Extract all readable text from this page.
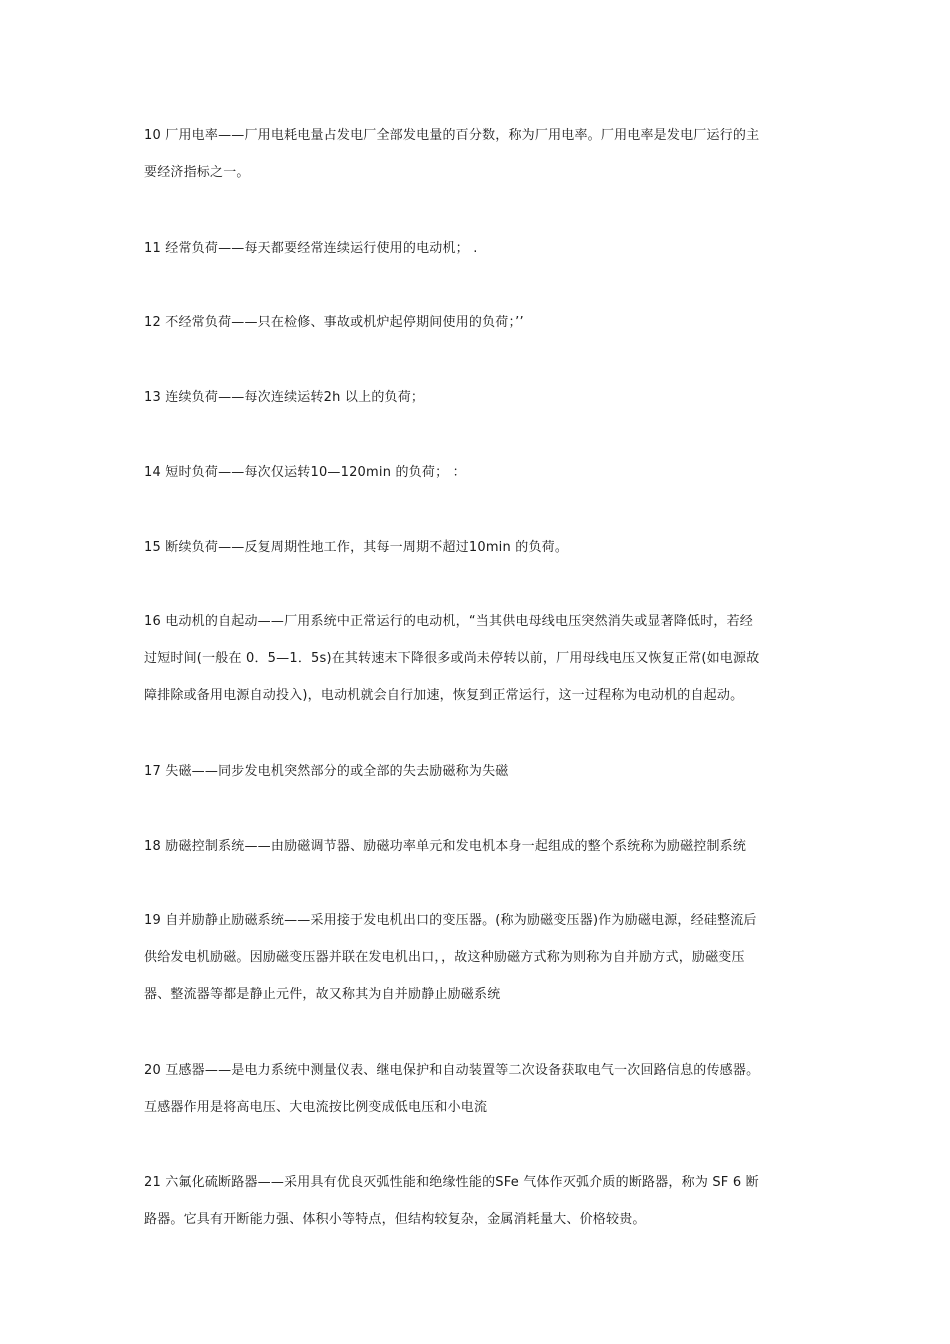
10 厂用电率——厂用电耗电量占发电厂全部发电量的百分数，称为厂用电率。厂用电率是发电厂运行的主
要经济指标之一。
11 经常负荷——每天都要经常连续运行使用的电动机； .
12 不经常负荷——只在检修、事故或机炉起停期间使用的负荷；’’
13 连续负荷——每次连续运转2h 以上的负荷；
14 短时负荷——每次仅运转10—120min 的负荷； ：
15 断续负荷——反复周期性地工作，其每一周期不超过10min 的负荷。
16 电动机的自起动——厂用系统中正常运行的电动机，“当其供电母线电压突然消失或显著降低时，若经
过短时间(一般在 0．5—1．5s)在其转速末下降很多或尚未停转以前，厂用母线电压又恢复正常(如电源故
障排除或备用电源自动投入)，电动机就会自行加速，恢复到正常运行，这一过程称为电动机的自起动。
17 失磁——同步发电机突然部分的或全部的失去励磁称为失磁
18 励磁控制系统——由励磁调节器、励磁功率单元和发电机本身一起组成的整个系统称为励磁控制系统
19 自并励静止励磁系统——采用接于发电机出口的变压器。(称为励磁变压器)作为励磁电源，经硅整流后
供给发电机励磁。因励磁变压器并联在发电机出口，，故这种励磁方式称为则称为自并励方式，励磁变压
器、整流器等都是静止元件，故又称其为自并励静止励磁系统
20 互感器——是电力系统中测量仪表、继电保护和自动装置等二次设备获取电气一次回路信息的传感器。
互感器作用是将高电压、大电流按比例变成低电压和小电流
21 六氟化硫断路器——采用具有优良灭弧性能和绝缘性能的SFe 气体作灭弧介质的断路器，称为 SF 6 断
路器。它具有开断能力强、体积小等特点，但结构较复杂，金属消耗量大、价格较贵。
